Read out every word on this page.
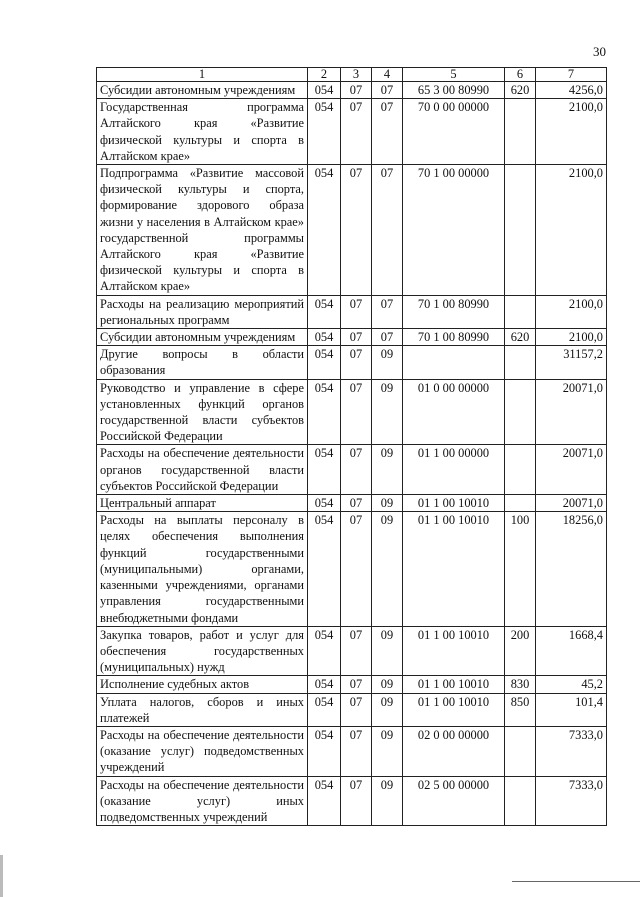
30
1	2	3	4	5	6	7
Субсидии автономным учреждениям	054	07	07	65 3 00 80990	620	4256,0
Государственная программа Алтайского края «Развитие физической культуры и спорта в Алтайском крае»	054	07	07	70 0 00 00000		2100,0
Подпрограмма «Развитие массовой физической культуры и спорта, формирование здорового образа жизни у населения в Алтайском крае» государственной программы Алтайского края «Развитие физической культуры и спорта в Алтайском крае»	054	07	07	70 1 00 00000		2100,0
Расходы на реализацию мероприятий региональных программ	054	07	07	70 1 00 80990		2100,0
Субсидии автономным учреждениям	054	07	07	70 1 00 80990	620	2100,0
Другие вопросы в области образования	054	07	09			31157,2
Руководство и управление в сфере установленных функций органов государственной власти субъектов Российской Федерации	054	07	09	01 0 00 00000		20071,0
Расходы на обеспечение деятельности органов государственной власти субъектов Российской Федерации	054	07	09	01 1 00 00000		20071,0
Центральный аппарат	054	07	09	01 1 00 10010		20071,0
Расходы на выплаты персоналу в целях обеспечения выполнения функций государственными (муниципальными) органами, казенными учреждениями, органами управления государственными внебюджетными фондами	054	07	09	01 1 00 10010	100	18256,0
Закупка товаров, работ и услуг для обеспечения государственных (муниципальных) нужд	054	07	09	01 1 00 10010	200	1668,4
Исполнение судебных актов	054	07	09	01 1 00 10010	830	45,2
Уплата налогов, сборов и иных платежей	054	07	09	01 1 00 10010	850	101,4
Расходы на обеспечение деятельности (оказание услуг) подведомственных учреждений	054	07	09	02 0 00 00000		7333,0
Расходы на обеспечение деятельности (оказание услуг) иных подведомственных учреждений	054	07	09	02 5 00 00000		7333,0
